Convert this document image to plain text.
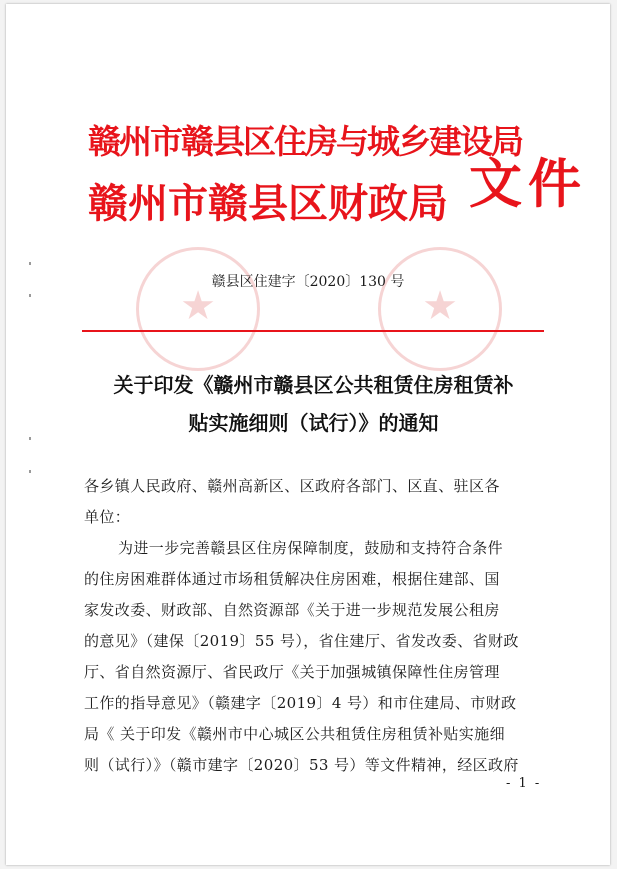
★	★
赣州市赣县区住房与城乡建设局
赣州市赣县区财政局 文件
赣县区住建字〔2020〕130 号
关于印发《赣州市赣县区公共租赁住房租赁补
贴实施细则（试行）》的通知
各乡镇人民政府、赣州高新区、区政府各部门、区直、驻区各
单位：
为进一步完善赣县区住房保障制度，鼓励和支持符合条件
的住房困难群体通过市场租赁解决住房困难，根据住建部、国
家发改委、财政部、自然资源部《关于进一步规范发展公租房
的意见》（建保〔2019〕55 号），省住建厅、省发改委、省财政
厅、省自然资源厅、省民政厅《关于加强城镇保障性住房管理
工作的指导意见》（赣建字〔2019〕4 号）和市住建局、市财政
局《 关于印发《赣州市中心城区公共租赁住房租赁补贴实施细
则（试行）》（赣市建字〔2020〕53 号）等文件精神，经区政府
- 1 -
